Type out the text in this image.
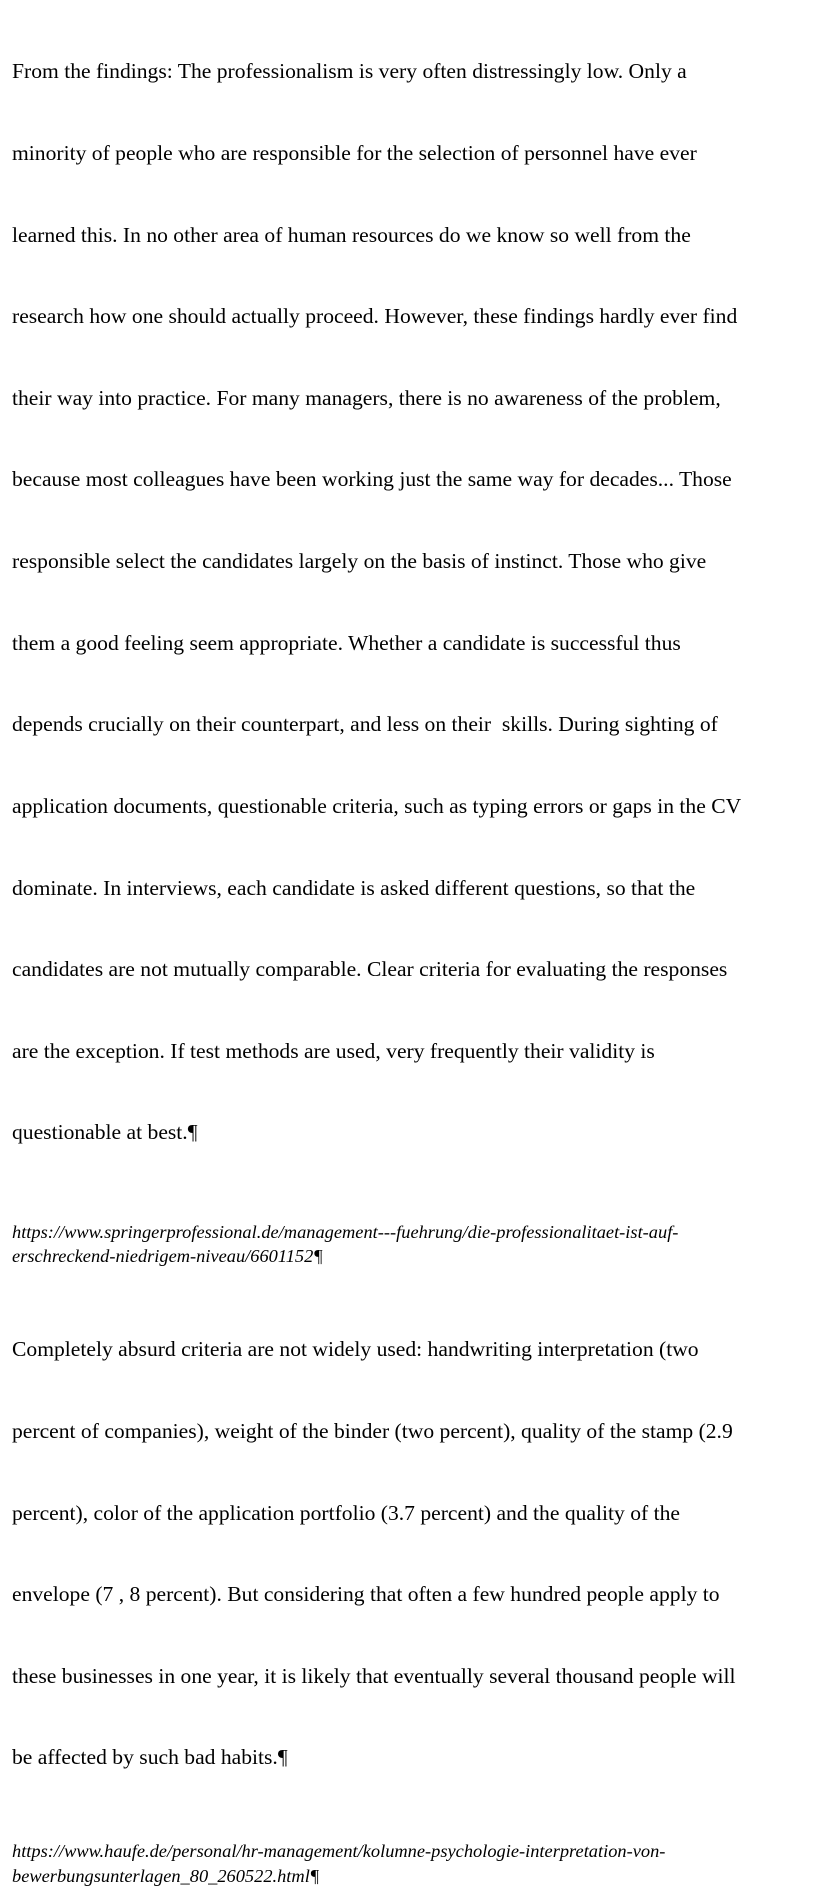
From the findings: The professionalism is very often distressingly low. Only a

minority of people who are responsible for the selection of personnel have ever

learned this. In no other area of human resources do we know so well from the

research how one should actually proceed. However, these findings hardly ever find

their way into practice. For many managers, there is no awareness of the problem,

because most colleagues have been working just the same way for decades... Those

responsible select the candidates largely on the basis of instinct. Those who give

them a good feeling seem appropriate. Whether a candidate is successful thus

depends crucially on their counterpart, and less on their  skills. During sighting of

application documents, questionable criteria, such as typing errors or gaps in the CV

dominate. In interviews, each candidate is asked different questions, so that the

candidates are not mutually comparable. Clear criteria for evaluating the responses

are the exception. If test methods are used, very frequently their validity is

questionable at best.¶

https://www.springerprofessional.de/management---fuehrung/die-professionalitaet-ist-auf-
erschreckend-niedrigem-niveau/6601152¶

Completely absurd criteria are not widely used: handwriting interpretation (two

percent of companies), weight of the binder (two percent), quality of the stamp (2.9

percent), color of the application portfolio (3.7 percent) and the quality of the

envelope (7 , 8 percent). But considering that often a few hundred people apply to

these businesses in one year, it is likely that eventually several thousand people will

be affected by such bad habits.¶

https://www.haufe.de/personal/hr-management/kolumne-psychologie-interpretation-von-
bewerbungsunterlagen_80_260522.html¶
